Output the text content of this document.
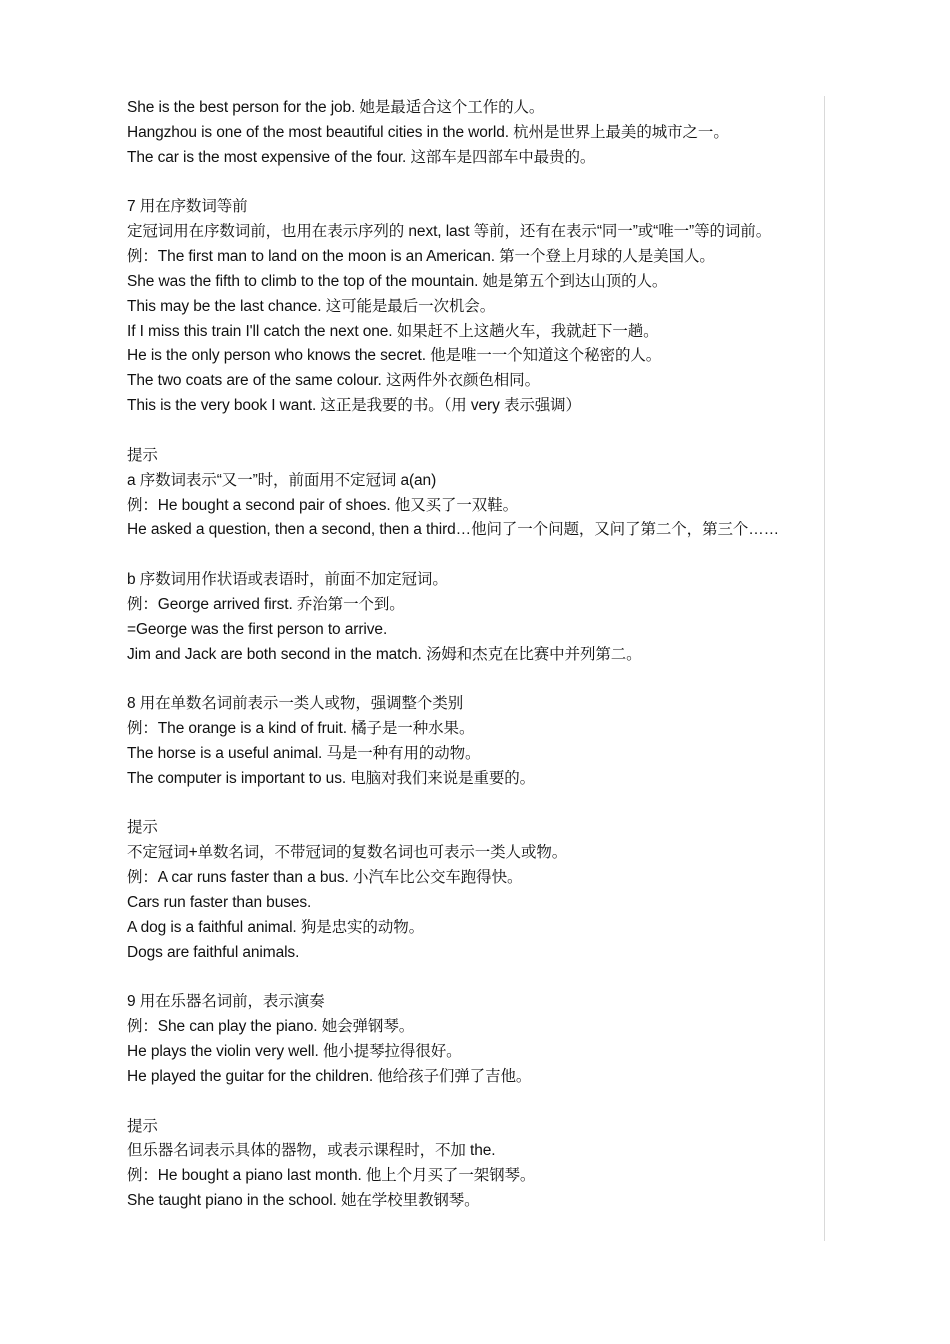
She is the best person for the job. 她是最适合这个工作的人。
Hangzhou is one of the most beautiful cities in the world. 杭州是世界上最美的城市之一。
The car is the most expensive of the four. 这部车是四部车中最贵的。
7 用在序数词等前
定冠词用在序数词前，也用在表示序列的 next, last 等前，还有在表示“同一”或“唯一”等的词前。
例：The first man to land on the moon is an American. 第一个登上月球的人是美国人。
She was the fifth to climb to the top of the mountain. 她是第五个到达山顶的人。
This may be the last chance. 这可能是最后一次机会。
If I miss this train I'll catch the next one. 如果赶不上这趟火车，我就赶下一趟。
He is the only person who knows the secret. 他是唯一一个知道这个秘密的人。
The two coats are of the same colour. 这两件外衣颜色相同。
This is the very book I want. 这正是我要的书。（用 very 表示强调）
提示
a 序数词表示“又一”时，前面用不定冠词 a(an)
例：He bought a second pair of shoes. 他又买了一双鞋。
He asked a question, then a second, then a third…他问了一个问题，又问了第二个，第三个……
b 序数词用作状语或表语时，前面不加定冠词。
例：George arrived first. 乔治第一个到。
=George was the first person to arrive.
Jim and Jack are both second in the match. 汤姆和杰克在比赛中并列第二。
8 用在单数名词前表示一类人或物，强调整个类别
例：The orange is a kind of fruit. 橘子是一种水果。
The horse is a useful animal. 马是一种有用的动物。
The computer is important to us. 电脑对我们来说是重要的。
提示
不定冠词+单数名词，不带冠词的复数名词也可表示一类人或物。
例：A car runs faster than a bus. 小汽车比公交车跑得快。
Cars run faster than buses.
A dog is a faithful animal. 狗是忠实的动物。
Dogs are faithful animals.
9 用在乐器名词前，表示演奏
例：She can play the piano. 她会弹钢琴。
He plays the violin very well. 他小提琴拉得很好。
He played the guitar for the children. 他给孩子们弹了吉他。
提示
但乐器名词表示具体的器物，或表示课程时，不加 the.
例：He bought a piano last month. 他上个月买了一架钢琴。
She taught piano in the school. 她在学校里教钢琴。
